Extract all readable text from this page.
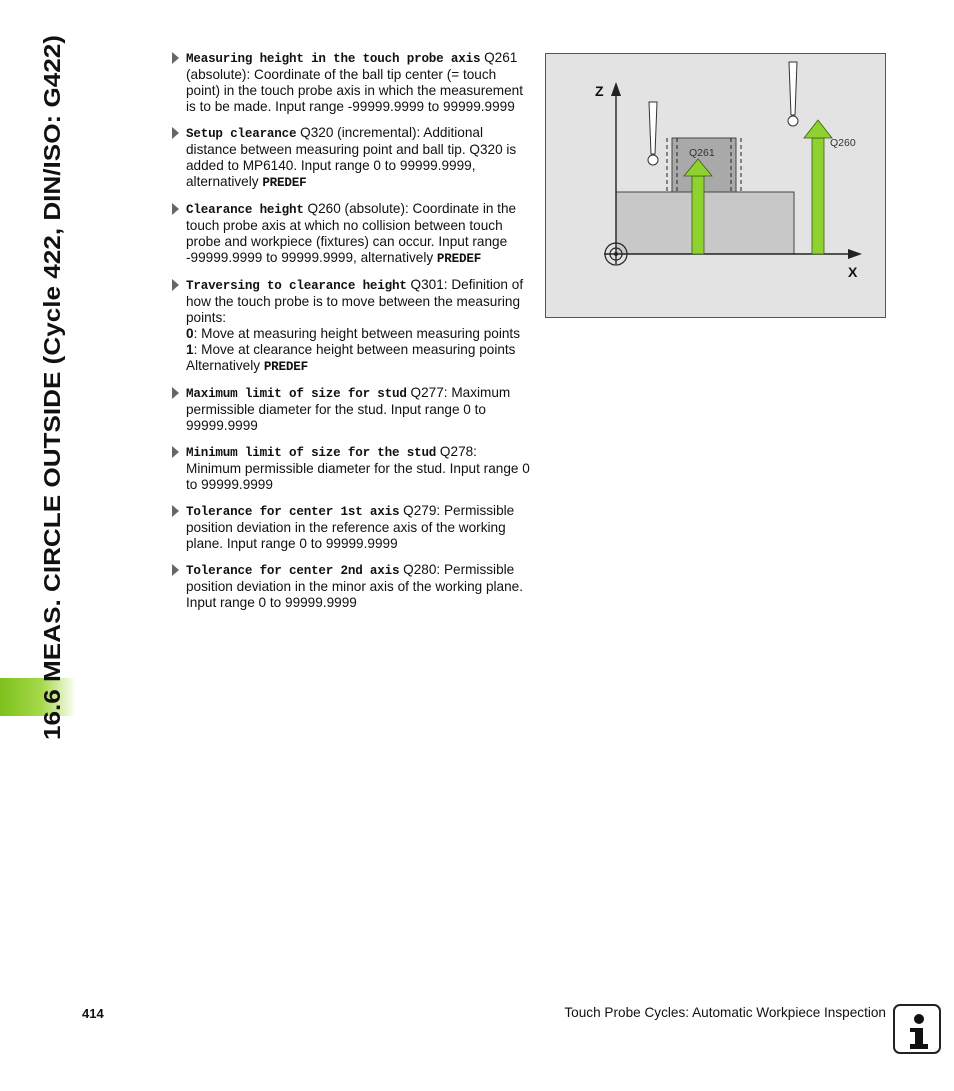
16.6 MEAS. CIRCLE OUTSIDE (Cycle 422, DIN/ISO: G422)
Measuring height in the touch probe axis Q261 (absolute): Coordinate of the ball tip center (= touch point) in the touch probe axis in which the measurement is to be made. Input range -99999.9999 to 99999.9999
Setup clearance Q320 (incremental): Additional distance between measuring point and ball tip. Q320 is added to MP6140. Input range 0 to 99999.9999, alternatively PREDEF
Clearance height Q260 (absolute): Coordinate in the touch probe axis at which no collision between touch probe and workpiece (fixtures) can occur. Input range -99999.9999 to 99999.9999, alternatively PREDEF
Traversing to clearance height Q301: Definition of how the touch probe is to move between the measuring points:
0: Move at measuring height between measuring points
1: Move at clearance height between measuring points
Alternatively PREDEF
Maximum limit of size for stud Q277: Maximum permissible diameter for the stud. Input range 0 to 99999.9999
Minimum limit of size for the stud Q278: Minimum permissible diameter for the stud. Input range 0 to 99999.9999
Tolerance for center 1st axis Q279: Permissible position deviation in the reference axis of the working plane. Input range 0 to 99999.9999
Tolerance for center 2nd axis Q280: Permissible position deviation in the minor axis of the working plane. Input range 0 to 99999.9999
Z
X
Q261
Q260
414	Touch Probe Cycles: Automatic Workpiece Inspection
